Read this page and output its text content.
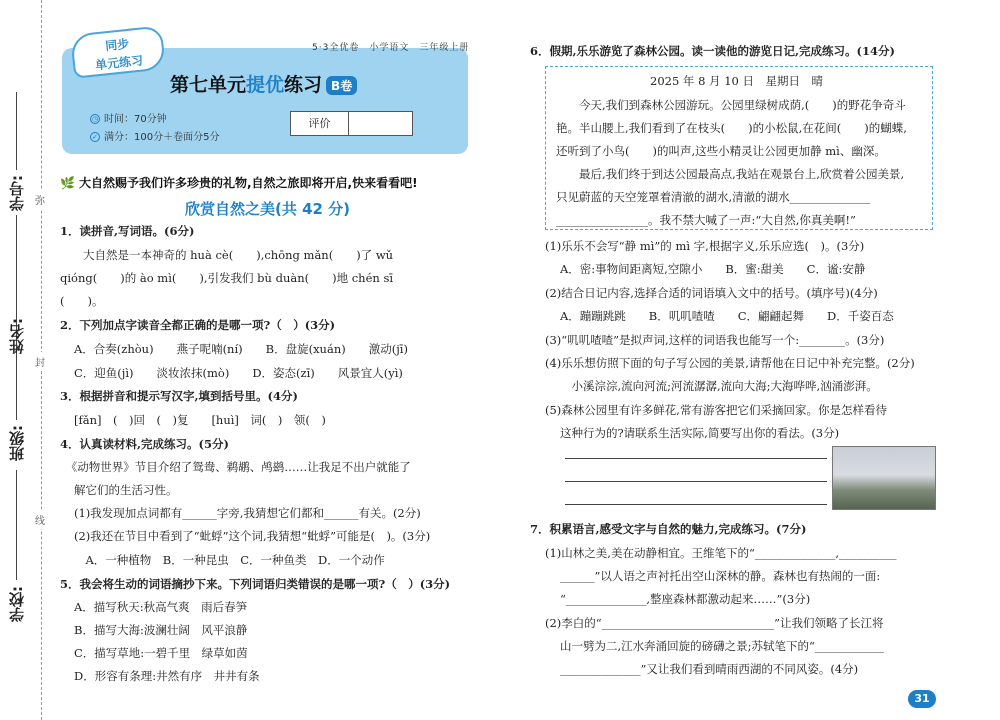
学校:
班级:
姓名:
学号: 弥
封
线
同步
单元练习
5·3全优卷　小学语文　三年级上册
第七单元提优练习 B卷
◷ 时间：70分钟
✓ 满分：100分＋卷面分5分
评价
🌿 大自然赐予我们许多珍贵的礼物,自然之旅即将开启,快来看看吧!
欣赏自然之美(共 42 分)
1．读拼音,写词语。(6分)
　　大自然是一本神奇的 huà cè(　　),chōng mǎn(　　)了 wǔ
qióng(　　)的 ào mì(　　),引发我们 bù duàn(　　)地 chén sī
(　　)。
2．下列加点字读音全都正确的是哪一项?（　）(3分)
A．合奏(zhòu)　　燕子呢喃(ní)　　B．盘旋(xuán)　　激动(jī)
C．迎鱼(jì)　　淡妆浓抹(mò)　　D．姿态(zī)　　风景宜人(yì)
3．根据拼音和提示写汉字,填到括号里。(4分)
[fǎn]　(　)回　(　)复　　[huì]　词(　)　领(　)
4．认真读材料,完成练习。(5分)
　《动物世界》节目介绍了鸳鸯、鹈鹕、鸬鹚……让我足不出户就能了
解它们的生活习性。
(1)我发现加点词都有______字旁,我猜想它们都和______有关。(2分)
(2)我还在节目中看到了“蚍蜉”这个词,我猜想“蚍蜉”可能是(　)。(3分)
　A．一种植物　B．一种昆虫　C．一种鱼类　D．一个动作
5．我会将生动的词语摘抄下来。下列词语归类错误的是哪一项?（　）(3分)
A．描写秋天:秋高气爽　雨后春笋
B．描写大海:波澜壮阔　风平浪静
C．描写草地:一碧千里　绿草如茵
D．形容有条理:井然有序　井井有条
6．假期,乐乐游览了森林公园。读一读他的游览日记,完成练习。(14分)
2025 年 8 月 10 日　星期日　晴
　　今天,我们到森林公园游玩。公园里绿树成荫,(　　)的野花争奇斗
艳。半山腰上,我们看到了在枝头(　　)的小松鼠,在花间(　　)的蝴蝶,
还听到了小鸟(　　)的叫声,这些小精灵让公园更加静 mì、幽深。
　　最后,我们终于到达公园最高点,我站在观景台上,欣赏着公园美景,
只见蔚蓝的天空笼罩着清澈的湖水,清澈的湖水______________
________________。我不禁大喊了一声:“大自然,你真美啊!”
(1)乐乐不会写“静 mì”的 mì 字,根据字义,乐乐应选(　)。(3分)
A．密:事物间距离短,空隙小　　B．蜜:甜美　　C．谧:安静
(2)结合日记内容,选择合适的词语填入文中的括号。(填序号)(4分)
A．蹦蹦跳跳　　B．叽叽喳喳　　C．翩翩起舞　　D．千姿百态
(3)“叽叽喳喳”是拟声词,这样的词语我也能写一个:________。(3分)
(4)乐乐想仿照下面的句子写公园的美景,请帮他在日记中补充完整。(2分)
　小溪淙淙,流向河流;河流潺潺,流向大海;大海哗哗,汹涌澎湃。
(5)森林公园里有许多鲜花,常有游客把它们采摘回家。你是怎样看待
这种行为的?请联系生活实际,简要写出你的看法。(3分)
7．积累语言,感受文字与自然的魅力,完成练习。(7分)
(1)山林之美,美在动静相宜。王维笔下的“______________,__________
______”以人语之声衬托出空山深林的静。森林也有热闹的一面:
“______________,整座森林都激动起来……”(3分)
(2)李白的“______________________________”让我们领略了长江将
山一劈为二,江水奔涌回旋的磅礴之景;苏轼笔下的“____________
______________”又让我们看到晴雨西湖的不同风姿。(4分)
31
